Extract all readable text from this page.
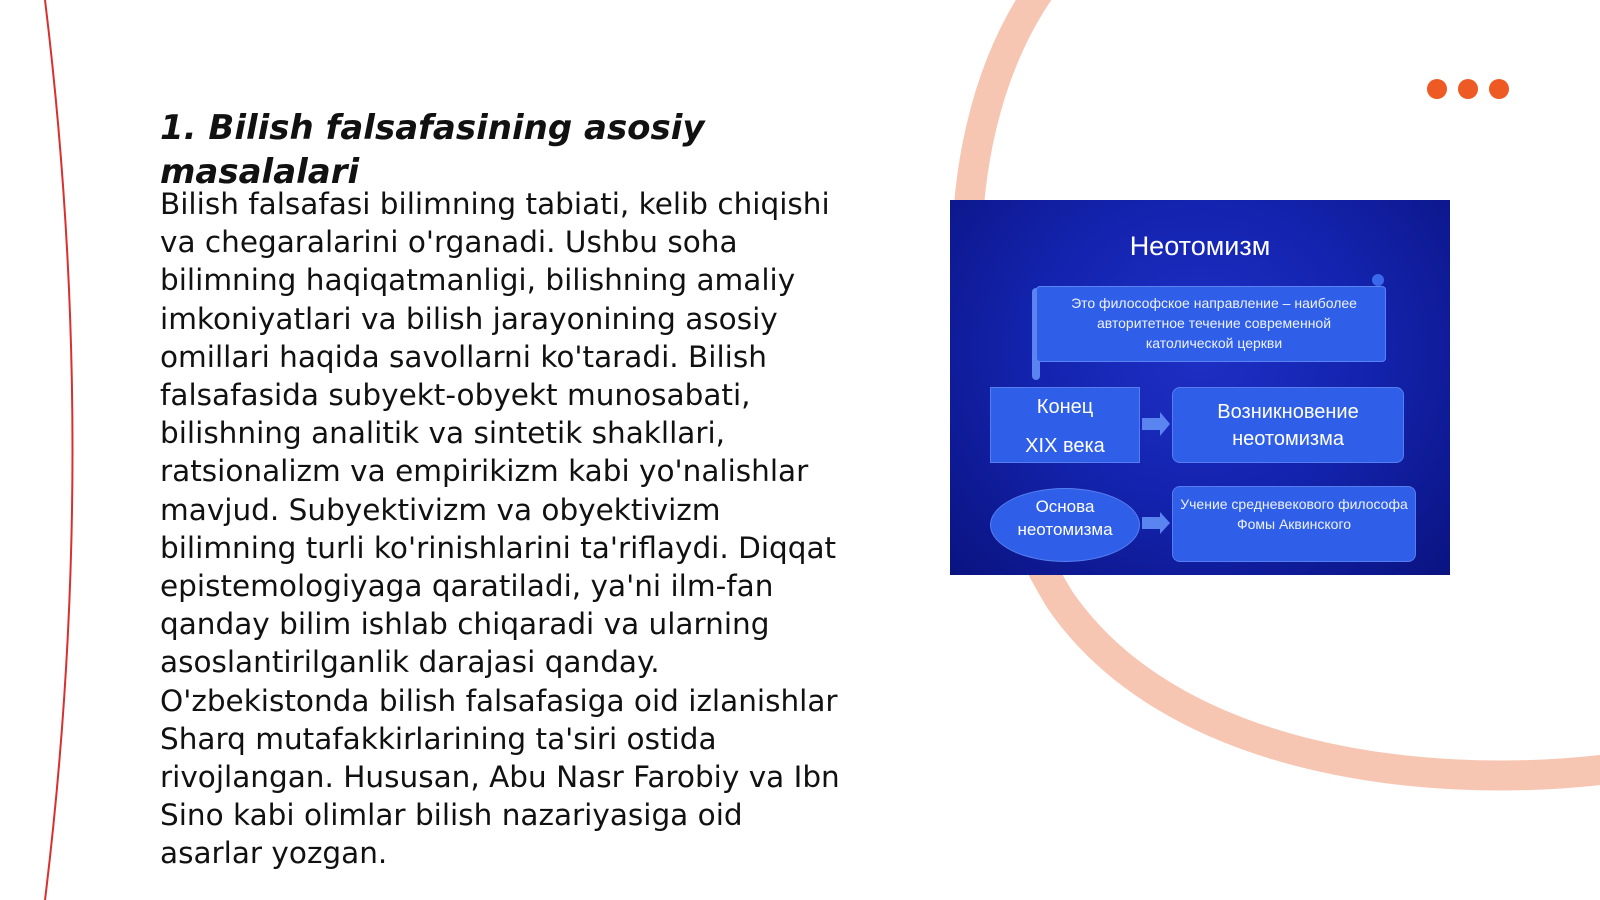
1. Bilish falsafasining asosiy masalalari

Bilish falsafasi bilimning tabiati, kelib chiqishi va chegaralarini o'rganadi. Ushbu soha bilimning haqiqatmanligi, bilishning amaliy imkoniyatlari va bilish jarayonining asosiy omillari haqida savollarni ko'taradi. Bilish falsafasida subyekt-obyekt munosabati, bilishning analitik va sintetik shakllari, ratsionalizm va empirikizm kabi yo'nalishlar mavjud. Subyektivizm va obyektivizm bilimning turli ko'rinishlarini ta'riflaydi. Diqqat epistemologiyaga qaratiladi, ya'ni ilm-fan qanday bilim ishlab chiqaradi va ularning asoslantirilganlik darajasi qanday. O'zbekistonda bilish falsafasiga oid izlanishlar Sharq mutafakkirlarining ta'siri ostida rivojlangan. Hususan, Abu Nasr Farobiy va Ibn Sino kabi olimlar bilish nazariyasiga oid asarlar yozgan.

Неотомизм
Это философское направление – наиболее авторитетное течение современной католической церкви
Конец
XIX века
Возникновение неотомизма
Основа неотомизма
Учение средневекового философа Фомы Аквинского
